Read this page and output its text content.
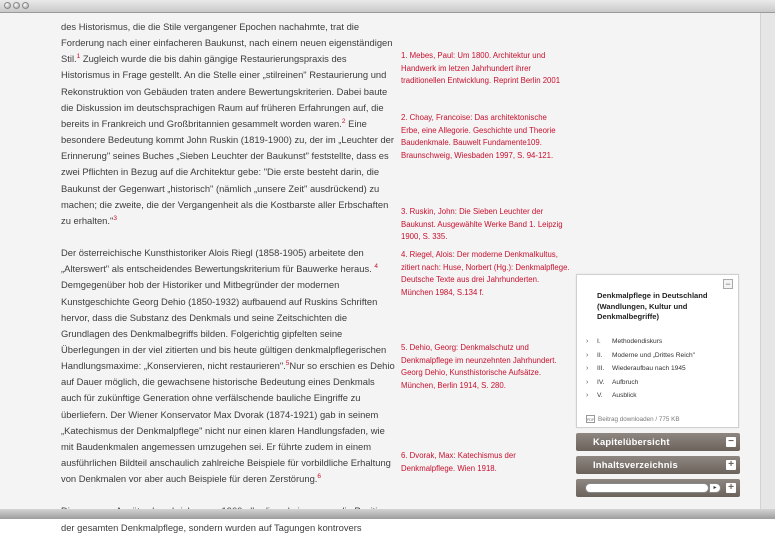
des Historismus, die die Stile vergangener Epochen nachahmte, trat die
Forderung nach einer einfacheren Baukunst, nach einem neuen eigenständigen
Stil.$^1$ Zugleich wurde die bis dahin gängige Restaurierungspraxis des
Historismus in Frage gestellt. An die Stelle einer „stilreinen" Restaurierung und
Rekonstruktion von Gebäuden traten andere Bewertungskriterien. Dabei baute
die Diskussion im deutschsprachigen Raum auf früheren Erfahrungen auf, die
bereits in Frankreich und Großbritannien gesammelt worden waren.$^2$ Eine
besondere Bedeutung kommt John Ruskin (1819-1900) zu, der im „Leuchter der
Erinnerung" seines Buches „Sieben Leuchter der Baukunst" feststellte, dass es
zwei Pflichten in Bezug auf die Architektur gebe: "Die erste besteht darin, die
Baukunst der Gegenwart „historisch" (nämlich „unsere Zeit" ausdrückend) zu
machen; die zweite, die der Vergangenheit als die Kostbarste aller Erbschaften
zu erhalten."$^3$

Der österreichische Kunsthistoriker Alois Riegl (1858-1905) arbeitete den
„Alterswert" als entscheidendes Bewertungskriterium für Bauwerke heraus. $^4$
Demgegenüber hob der Historiker und Mitbegründer der modernen
Kunstgeschichte Georg Dehio (1850-1932) aufbauend auf Ruskins Schriften
hervor, dass die Substanz des Denkmals und seine Zeitschichten die
Grundlagen des Denkmalbegriffs bilden. Folgerichtig gipfelten seine
Überlegungen in der viel zitierten und bis heute gültigen denkmalpflegerischen
Handlungsmaxime: „Konservieren, nicht restaurieren".$^5$Nur so erschien es Dehio
auf Dauer möglich, die gewachsene historische Bedeutung eines Denkmals
auch für zukünftige Generation ohne verfälschende bauliche Eingriffe zu
überliefern. Der Wiener Konservator Max Dvorak (1874-1921) gab in seinem
„Katechismus der Denkmalpflege" nicht nur einen klaren Handlungsfaden, wie
mit Baudenkmalen angemessen umzugehen sei. Er führte zudem in einem
ausführlichen Bildteil anschaulich zahlreiche Beispiele für vorbildliche Erhaltung
von Denkmalen vor aber auch Beispiele für deren Zerstörung.$^6$

der gesamten Denkmalpflege, sondern wurden auf Tagungen kontrovers

1. Mebes, Paul: Um 1800. Architektur und
Handwerk im letzen Jahrhundert ihrer
traditionellen Entwicklung. Reprint Berlin 2001
2. Choay, Francoise: Das architektonische
Erbe, eine Allegorie. Geschichte und Theorie
Baudenkmale. Bauwelt Fundamente109.
Braunschweig, Wiesbaden 1997, S. 94-121.
3. Ruskin, John: Die Sieben Leuchter der
Baukunst. Ausgewählte Werke Band 1. Leipzig
1900, S. 335.
4. Riegel, Alois: Der moderne Denkmalkultus,
zitiert nach: Huse, Norbert (Hg.): Denkmalpflege.
Deutsche Texte aus drei Jahrhunderten.
München 1984, S.134 f.
5. Dehio, Georg: Denkmalschutz und
Denkmalpflege im neunzehnten Jahrhundert.
Georg Dehio, Kunsthistorische Aufsätze.
München, Berlin 1914, S. 280.
6. Dvorak, Max: Katechismus der
Denkmalpflege. Wien 1918.
−
Denkmalpflege in Deutschland
(Wandlungen, Kultur und
Denkmalbegriffe)
› I.	Methodendiskurs
› II.	Moderne und „Drittes Reich"
› III.	Wiederaufbau nach 1945
› IV.	Aufbruch
› V.	Ausblick
PDF Beitrag downloaden / 775 KB
Kapitelübersicht	−
Inhaltsverzeichnis	+
▸	+
